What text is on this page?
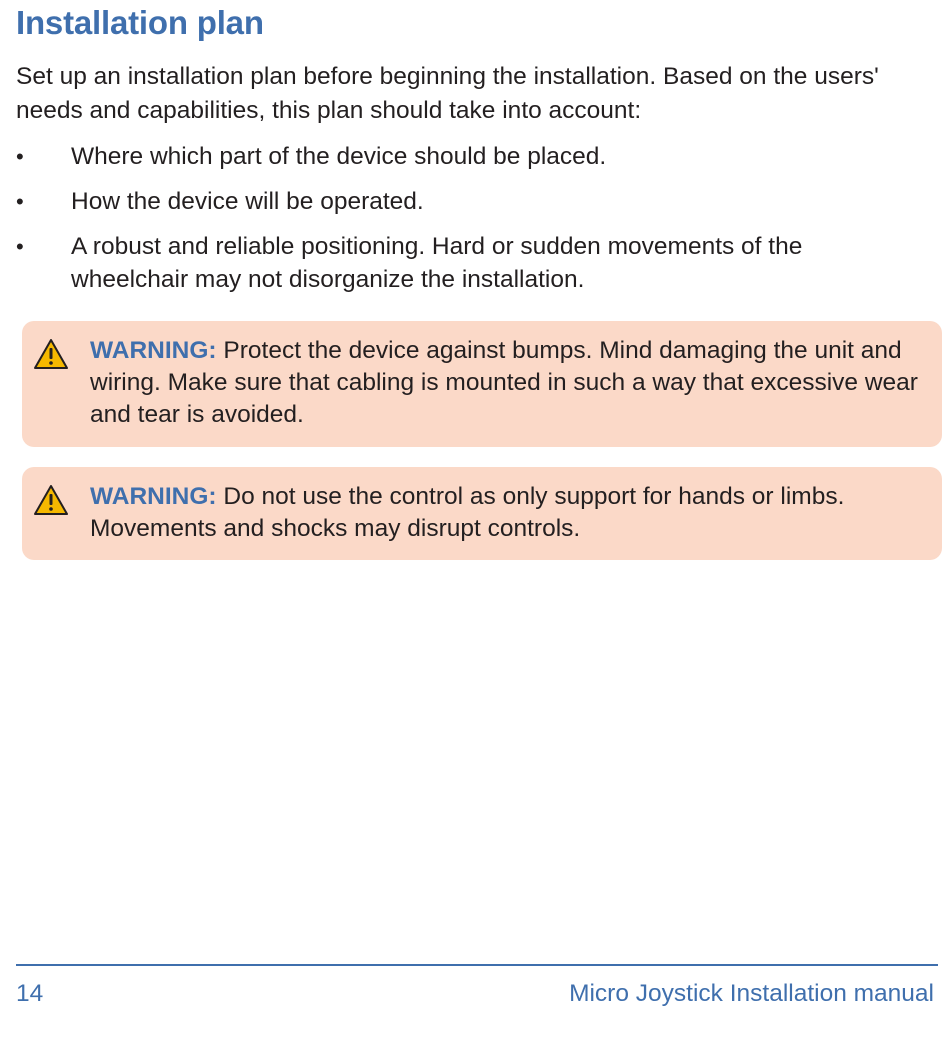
Installation plan

Set up an installation plan before beginning the installation. Based on the users' needs and capabilities, this plan should take into account:

• Where which part of the device should be placed.
• How the device will be operated.
• A robust and reliable positioning. Hard or sudden movements of the wheelchair may not disorganize the installation.

WARNING: Protect the device against bumps. Mind damaging the unit and wiring. Make sure that cabling is mounted in such a way that excessive wear and tear is avoided.

WARNING: Do not use the control as only support for hands or limbs. Movements and shocks may disrupt controls.

14	Micro Joystick Installation manual
